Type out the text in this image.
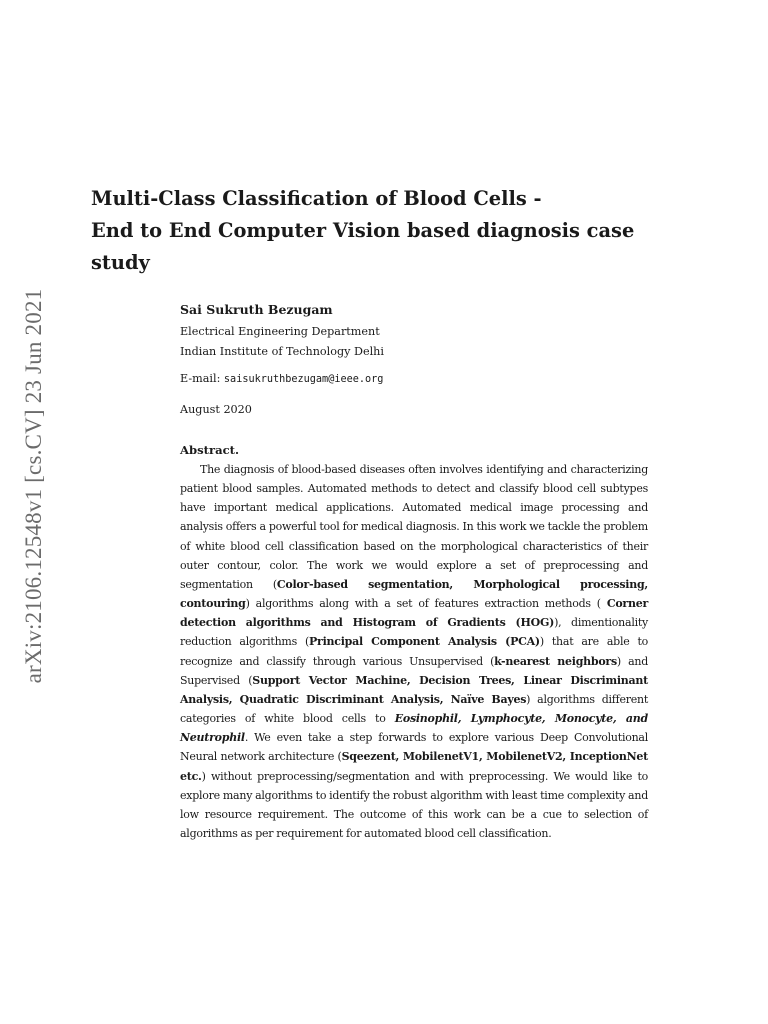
arXiv:2106.12548v1 [cs.CV] 23 Jun 2021
Multi-Class Classification of Blood Cells -
End to End Computer Vision based diagnosis case
study
Sai Sukruth Bezugam
Electrical Engineering Department
Indian Institute of Technology Delhi
E-mail: saisukruthbezugam@ieee.org
August 2020
Abstract.

The diagnosis of blood-based diseases often involves identifying and characterizing patient blood samples. Automated methods to detect and classify blood cell subtypes have important medical applications. Automated medical image processing and analysis offers a powerful tool for medical diagnosis. In this work we tackle the problem of white blood cell classification based on the morphological characteristics of their outer contour, color. The work we would explore a set of preprocessing and segmentation (Color-based segmentation, Morphological processing, contouring) algorithms along with a set of features extraction methods ( Corner detection algorithms and Histogram of Gradients (HOG)), dimentionality reduction algorithms (Principal Component Analysis (PCA)) that are able to recognize and classify through various Unsupervised (k-nearest neighbors) and Supervised (Support Vector Machine, Decision Trees, Linear Discriminant Analysis, Quadratic Discriminant Analysis, Naïve Bayes) algorithms different categories of white blood cells to Eosinophil, Lymphocyte, Monocyte, and Neutrophil. We even take a step forwards to explore various Deep Convolutional Neural network architecture (Sqeezent, MobilenetV1, MobilenetV2, InceptionNet etc.) without preprocessing/segmentation and with preprocessing. We would like to explore many algorithms to identify the robust algorithm with least time complexity and low resource requirement. The outcome of this work can be a cue to selection of algorithms as per requirement for automated blood cell classification.
